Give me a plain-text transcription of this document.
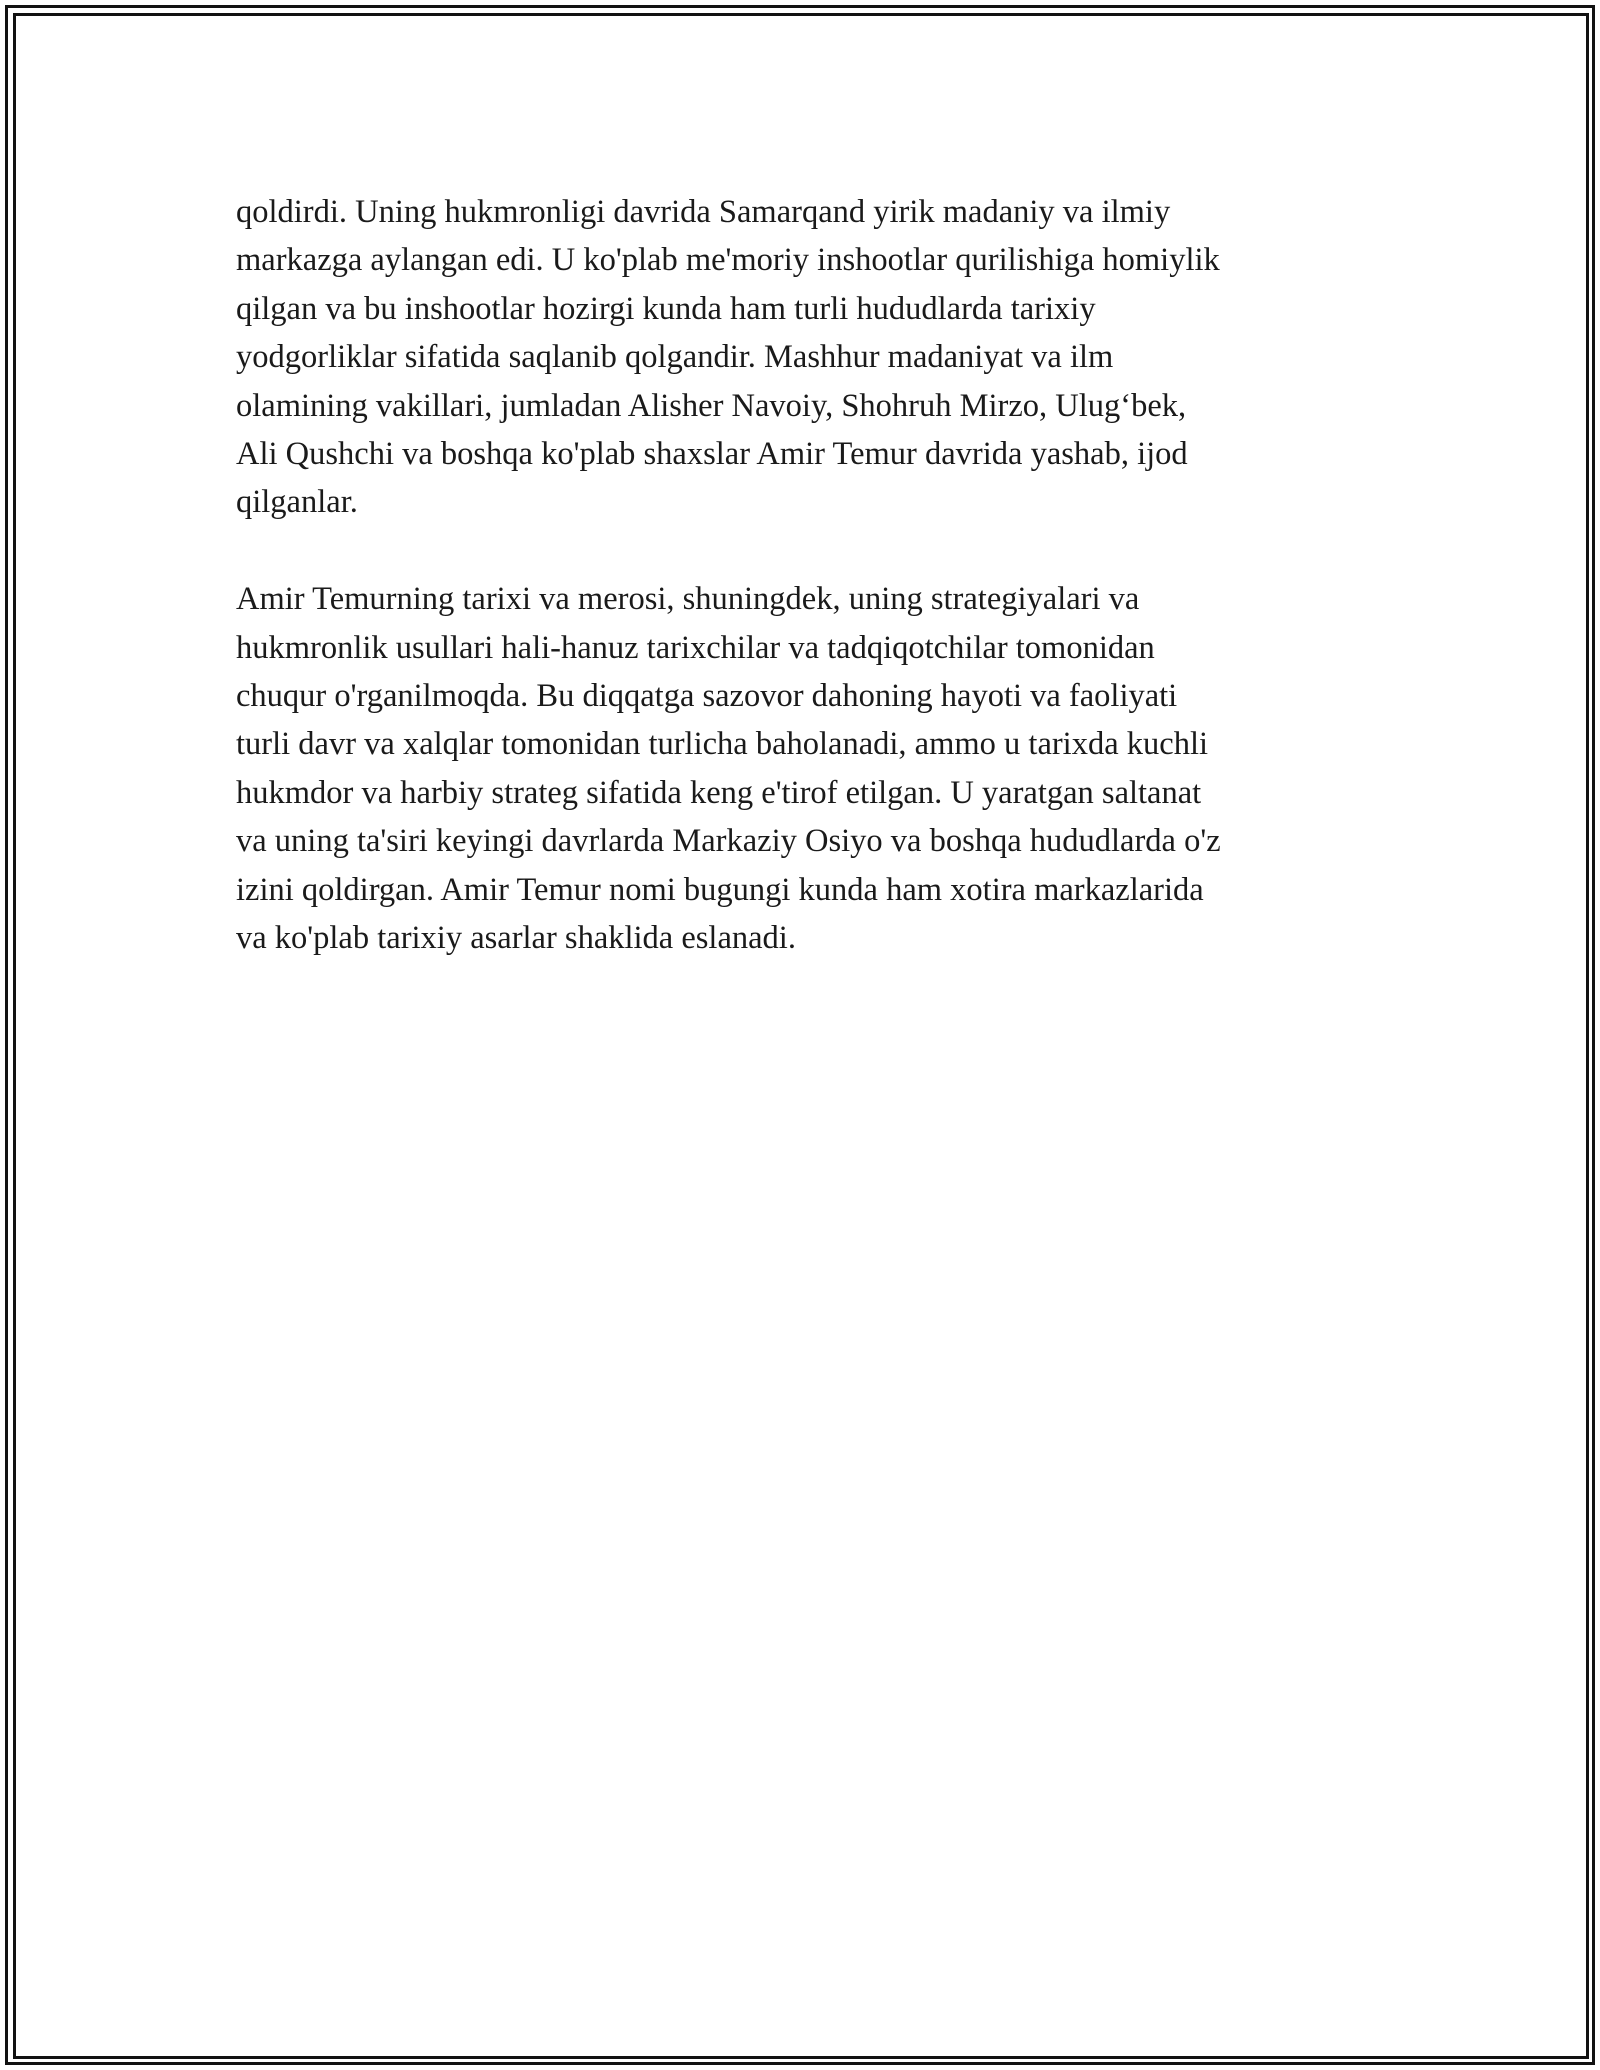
qoldirdi. Uning hukmronligi davrida Samarqand yirik madaniy va ilmiy
markazga aylangan edi. U ko'plab me'moriy inshootlar qurilishiga homiylik
qilgan va bu inshootlar hozirgi kunda ham turli hududlarda tarixiy
yodgorliklar sifatida saqlanib qolgandir. Mashhur madaniyat va ilm
olamining vakillari, jumladan Alisher Navoiy, Shohruh Mirzo, Ulug‘bek,
Ali Qushchi va boshqa ko'plab shaxslar Amir Temur davrida yashab, ijod
qilganlar.

Amir Temurning tarixi va merosi, shuningdek, uning strategiyalari va
hukmronlik usullari hali-hanuz tarixchilar va tadqiqotchilar tomonidan
chuqur o'rganilmoqda. Bu diqqatga sazovor dahoning hayoti va faoliyati
turli davr va xalqlar tomonidan turlicha baholanadi, ammo u tarixda kuchli
hukmdor va harbiy strateg sifatida keng e'tirof etilgan. U yaratgan saltanat
va uning ta'siri keyingi davrlarda Markaziy Osiyo va boshqa hududlarda o'z
izini qoldirgan. Amir Temur nomi bugungi kunda ham xotira markazlarida
va ko'plab tarixiy asarlar shaklida eslanadi.
